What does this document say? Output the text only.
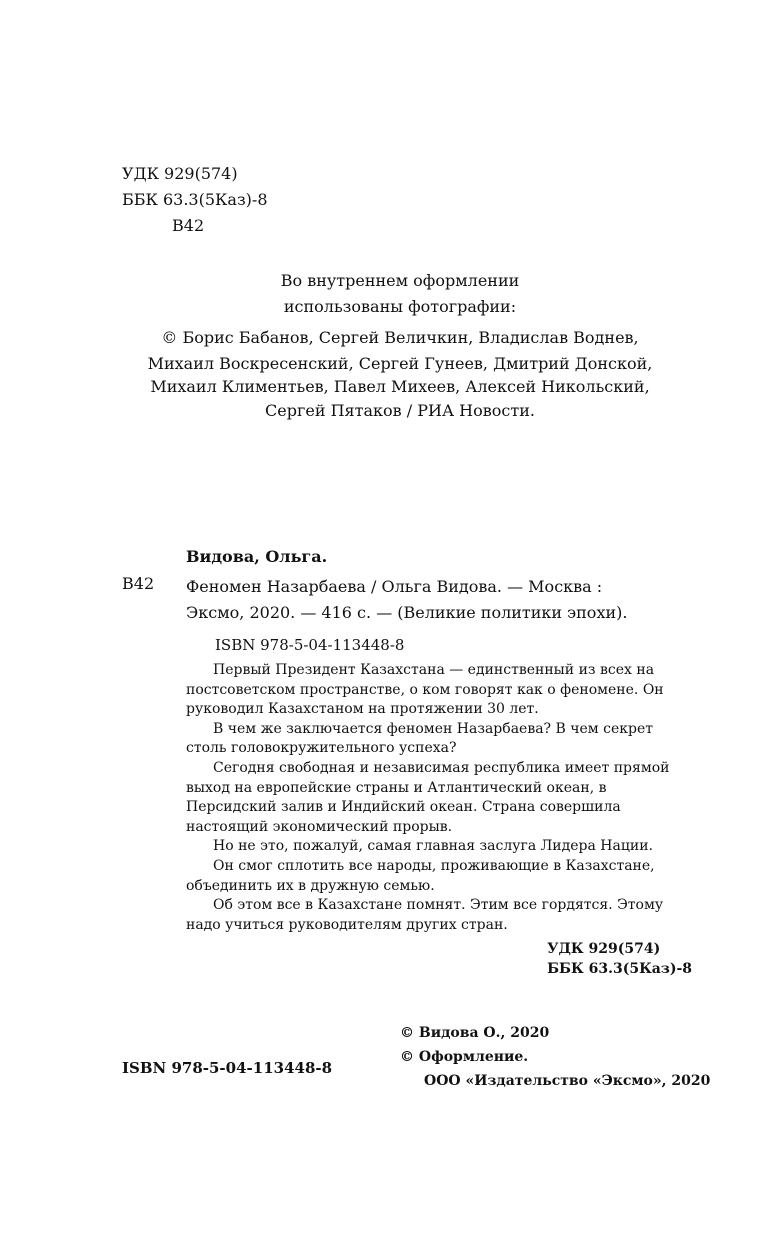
УДК 929(574)
ББК 63.3(5Каз)-8
В42
Во внутреннем оформлении
использованы фотографии:
© Борис Бабанов, Сергей Величкин, Владислав Воднев,
Михаил Воскресенский, Сергей Гунеев, Дмитрий Донской,
Михаил Климентьев, Павел Михеев, Алексей Никольский,
Сергей Пятаков / РИА Новости.
Видова, Ольга.
В42 Феномен Назарбаева / Ольга Видова. — Москва :
Эксмо, 2020. — 416 с. — (Великие политики эпохи).
ISBN 978-5-04-113448-8

Первый Президент Казахстана — единственный из всех на постсоветском пространстве, о ком говорят как о феномене. Он руководил Казахстаном на протяжении 30 лет.

В чем же заключается феномен Назарбаева? В чем секрет столь головокружительного успеха?

Сегодня свободная и независимая республика имеет прямой выход на европейские страны и Атлантический океан, в Персидский залив и Индийский океан. Страна совершила настоящий экономический прорыв.

Но не это, пожалуй, самая главная заслуга Лидера Нации.

Он смог сплотить все народы, проживающие в Казахстане, объединить их в дружную семью.

Об этом все в Казахстане помнят. Этим все гордятся. Этому надо учиться руководителям других стран.

УДК 929(574)
ББК 63.3(5Каз)-8
© Видова О., 2020
© Оформление.
ООО «Издательство «Эксмо», 2020
ISBN 978-5-04-113448-8
